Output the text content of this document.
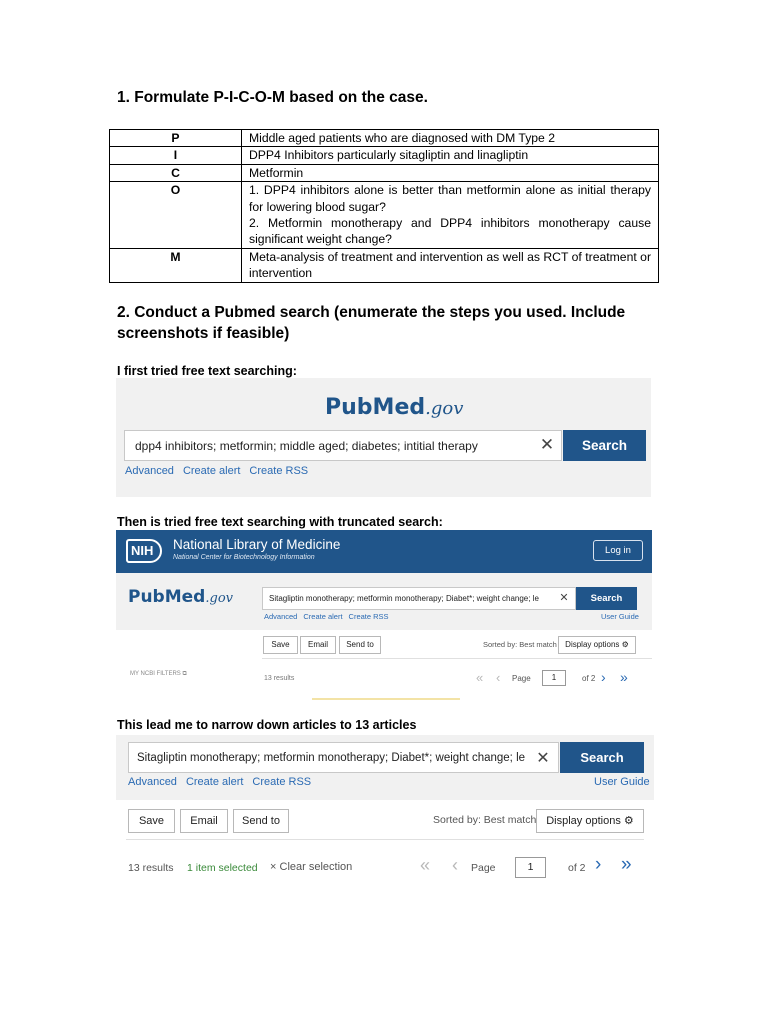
1. Formulate P-I-C-O-M based on the case.
P	Middle aged patients who are diagnosed with DM Type 2
I	DPP4 Inhibitors particularly sitagliptin and linagliptin
C	Metformin
O	1. DPP4 inhibitors alone is better than metformin alone as initial therapy for lowering blood sugar?
2. Metformin monotherapy and DPP4 inhibitors monotherapy cause significant weight change?

M	Meta-analysis of treatment and intervention as well as RCT of treatment or intervention
2. Conduct a Pubmed search (enumerate the steps you used. Include screenshots if feasible)
I first tried free text searching:
PubMed.gov
dpp4 inhibitors; metformin; middle aged; diabetes; intitial therapy	✕	Search
Advanced Create alert Create RSS
Then is tried free text searching with truncated search:
NIH	National Library of Medicine
National Center for Biotechnology Information
Log in
PubMed.gov	Sitagliptin monotherapy; metformin monotherapy; Diabet*; weight change; le	✕	Search
Advanced Create alert Create RSS	User Guide
Save	Email	Send to	Sorted by: Best match	Display options ⚙
MY NCBI FILTERS ⧉
13 results	« ‹ Page	1	of 2 › »
This lead me to narrow down articles to 13 articles
Sitagliptin monotherapy; metformin monotherapy; Diabet*; weight change; le ✕	Search
Advanced Create alert Create RSS	User Guide
Save	Email	Send to	Sorted by: Best match Display options ⚙
13 results 1 item selected × Clear selection	« ‹ Page	1	of 2 › »
